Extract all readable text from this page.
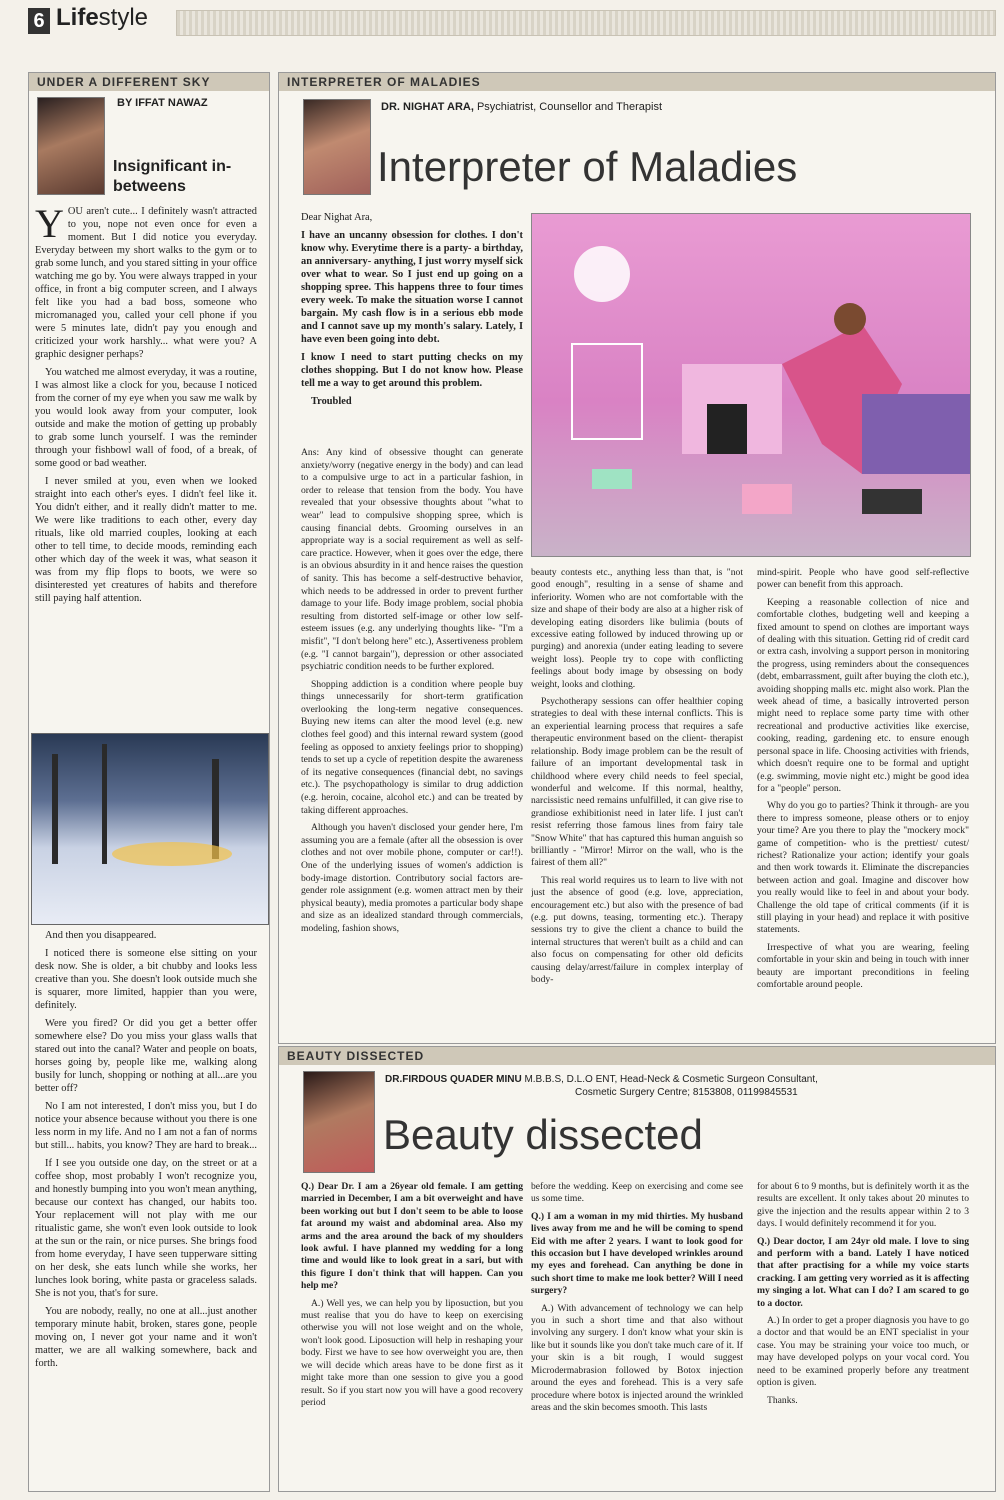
6 Lifestyle
UNDER A DIFFERENT SKY
BY IFFAT NAWAZ
Insignificant in-betweens
Y OU aren't cute... I definitely wasn't attracted to you, nope not even once for even a moment. But I did notice you everyday. Everyday between my short walks to the gym or to grab some lunch, and you stared sitting in your office watching me go by. You were always trapped in your office, in front a big computer screen, and I always felt like you had a bad boss, someone who micromanaged you, called your cell phone if you were 5 minutes late, didn't pay you enough and criticized your work harshly... what were you? A graphic designer perhaps?

You watched me almost everyday, it was a routine, I was almost like a clock for you, because I noticed from the corner of my eye when you saw me walk by you would look away from your computer, look outside and make the motion of getting up probably to grab some lunch yourself. I was the reminder through your fishbowl wall of food, of a break, of some good or bad weather.

I never smiled at you, even when we looked straight into each other's eyes. I didn't feel like it. You didn't either, and it really didn't matter to me. We were like traditions to each other, every day rituals, like old married couples, looking at each other to tell time, to decide moods, reminding each other which day of the week it was, what season it was from my flip flops to boots, we were so disinterested yet creatures of habits and therefore still paying half attention.

And then you disappeared.

I noticed there is someone else sitting on your desk now. She is older, a bit chubby and looks less creative than you. She doesn't look outside much she is squarer, more limited, happier than you were, definitely.

Were you fired? Or did you get a better offer somewhere else? Do you miss your glass walls that stared out into the canal? Water and people on boats, horses going by, people like me, walking along busily for lunch, shopping or nothing at all...are you better off?

No I am not interested, I don't miss you, but I do notice your absence because without you there is one less norm in my life. And no I am not a fan of norms but still... habits, you know? They are hard to break...

If I see you outside one day, on the street or at a coffee shop, most probably I won't recognize you, and honestly bumping into you won't mean anything, because our context has changed, our habits too. Your replacement will not play with me our ritualistic game, she won't even look outside to look at the sun or the rain, or nice purses. She brings food from home everyday, I have seen tupperware sitting on her desk, she eats lunch while she works, her lunches look boring, white pasta or graceless salads. She is not you, that's for sure.

You are nobody, really, no one at all...just another temporary minute habit, broken, stares gone, people moving on, I never got your name and it won't matter, we are all walking somewhere, back and forth.

INTERPRETER OF MALADIES
DR. NIGHAT ARA, Psychiatrist, Counsellor and Therapist
Interpreter of Maladies

Dear Nighat Ara,

I have an uncanny obsession for clothes. I don't know why. Everytime there is a party- a birthday, an anniversary- anything, I just worry myself sick over what to wear. So I just end up going on a shopping spree. This happens three to four times every week. To make the situation worse I cannot bargain. My cash flow is in a serious ebb mode and I cannot save up my month's salary. Lately, I have even been going into debt.

I know I need to start putting checks on my clothes shopping. But I do not know how. Please tell me a way to get around this problem.

Troubled

Ans: Any kind of obsessive thought can generate anxiety/worry (negative energy in the body) and can lead to a compulsive urge to act in a particular fashion, in order to release that tension from the body. You have revealed that your obsessive thoughts about "what to wear" lead to compulsive shopping spree, which is causing financial debts. Grooming ourselves in an appropriate way is a social requirement as well as self-care practice. However, when it goes over the edge, there is an obvious absurdity in it and hence raises the question of sanity. This has become a self-destructive behavior, which needs to be addressed in order to prevent further damage to your life. Body image problem, social phobia resulting from distorted self-image or other low self-esteem issues (e.g. any underlying thoughts like- "I'm a misfit", "I don't belong here" etc.), Assertiveness problem (e.g. "I cannot bargain"), depression or other associated psychiatric condition needs to be further explored.

Shopping addiction is a condition where people buy things unnecessarily for short-term gratification overlooking the long-term negative consequences. Buying new items can alter the mood level (e.g. new clothes feel good) and this internal reward system (good feeling as opposed to anxiety feelings prior to shopping) tends to set up a cycle of repetition despite the awareness of its negative consequences (financial debt, no savings etc.). The psychopathology is similar to drug addiction (e.g. heroin, cocaine, alcohol etc.) and can be treated by taking different approaches.

Although you haven't disclosed your gender here, I'm assuming you are a female (after all the obsession is over clothes and not over mobile phone, computer or car!!). One of the underlying issues of women's addiction is body-image distortion. Contributory social factors are- gender role assignment (e.g. women attract men by their physical beauty), media promotes a particular body shape and size as an idealized standard through commercials, modeling, fashion shows,

beauty contests etc., anything less than that, is "not good enough", resulting in a sense of shame and inferiority. Women who are not comfortable with the size and shape of their body are also at a higher risk of developing eating disorders like bulimia (bouts of excessive eating followed by induced throwing up or purging) and anorexia (under eating leading to severe weight loss). People try to cope with conflicting feelings about body image by obsessing on body weight, looks and clothing.

Psychotherapy sessions can offer healthier coping strategies to deal with these internal conflicts. This is an experiential learning process that requires a safe therapeutic environment based on the client- therapist relationship. Body image problem can be the result of failure of an important developmental task in childhood where every child needs to feel special, wonderful and welcome. If this normal, healthy, narcissistic need remains unfulfilled, it can give rise to grandiose exhibitionist need in later life. I just can't resist referring those famous lines from fairy tale "Snow White" that has captured this human anguish so brilliantly - "Mirror! Mirror on the wall, who is the fairest of them all?"

This real world requires us to learn to live with not just the absence of good (e.g. love, appreciation, encouragement etc.) but also with the presence of bad (e.g. put downs, teasing, tormenting etc.). Therapy sessions try to give the client a chance to build the internal structures that weren't built as a child and can also focus on compensating for other old deficits causing delay/arrest/failure in complex interplay of body-

mind-spirit. People who have good self-reflective power can benefit from this approach.

Keeping a reasonable collection of nice and comfortable clothes, budgeting well and keeping a fixed amount to spend on clothes are important ways of dealing with this situation. Getting rid of credit card or extra cash, involving a support person in monitoring the progress, using reminders about the consequences (debt, embarrassment, guilt after buying the cloth etc.), avoiding shopping malls etc. might also work. Plan the week ahead of time, a basically introverted person might need to replace some party time with other recreational and productive activities like exercise, cooking, reading, gardening etc. to ensure enough personal space in life. Choosing activities with friends, which doesn't require one to be formal and uptight (e.g. swimming, movie night etc.) might be good idea for a "people" person.

Why do you go to parties? Think it through- are you there to impress someone, please others or to enjoy your time? Are you there to play the "mockery mock" game of competition- who is the prettiest/ cutest/ richest? Rationalize your action; identify your goals and then work towards it. Eliminate the discrepancies between action and goal. Imagine and discover how you really would like to feel in and about your body. Challenge the old tape of critical comments (if it is still playing in your head) and replace it with positive statements.

Irrespective of what you are wearing, feeling comfortable in your skin and being in touch with inner beauty are important preconditions in feeling comfortable around people.

BEAUTY DISSECTED
DR.FIRDOUS QUADER MINU M.B.B.S, D.L.O ENT, Head-Neck & Cosmetic Surgeon Consultant,
Cosmetic Surgery Centre; 8153808, 01199845531
Beauty dissected

Q.) Dear Dr. I am a 26year old female. I am getting married in December, I am a bit overweight and have been working out but I don't seem to be able to loose fat around my waist and abdominal area. Also my arms and the area around the back of my shoulders look awful. I have planned my wedding for a long time and would like to look great in a sari, but with this figure I don't think that will happen. Can you help me?

A.) Well yes, we can help you by liposuction, but you must realise that you do have to keep on exercising otherwise you will not lose weight and on the whole, won't look good. Liposuction will help in reshaping your body. First we have to see how overweight you are, then we will decide which areas have to be done first as it might take more than one session to give you a good result. So if you start now you will have a good recovery period

before the wedding. Keep on exercising and come see us some time.

Q.) I am a woman in my mid thirties. My husband lives away from me and he will be coming to spend Eid with me after 2 years. I want to look good for this occasion but I have developed wrinkles around my eyes and forehead. Can anything be done in such short time to make me look better? Will I need surgery?

A.) With advancement of technology we can help you in such a short time and that also without involving any surgery. I don't know what your skin is like but it sounds like you don't take much care of it. If your skin is a bit rough, I would suggest Microdermabrasion followed by Botox injection around the eyes and forehead. This is a very safe procedure where botox is injected around the wrinkled areas and the skin becomes smooth. This lasts

for about 6 to 9 months, but is definitely worth it as the results are excellent. It only takes about 20 minutes to give the injection and the results appear within 2 to 3 days. I would definitely recommend it for you.

Q.) Dear doctor, I am 24yr old male. I love to sing and perform with a band. Lately I have noticed that after practising for a while my voice starts cracking. I am getting very worried as it is affecting my singing a lot. What can I do? I am scared to go to a doctor.

A.) In order to get a proper diagnosis you have to go a doctor and that would be an ENT specialist in your case. You may be straining your voice too much, or may have developed polyps on your vocal cord. You need to be examined properly before any treatment option is given.

Thanks.
